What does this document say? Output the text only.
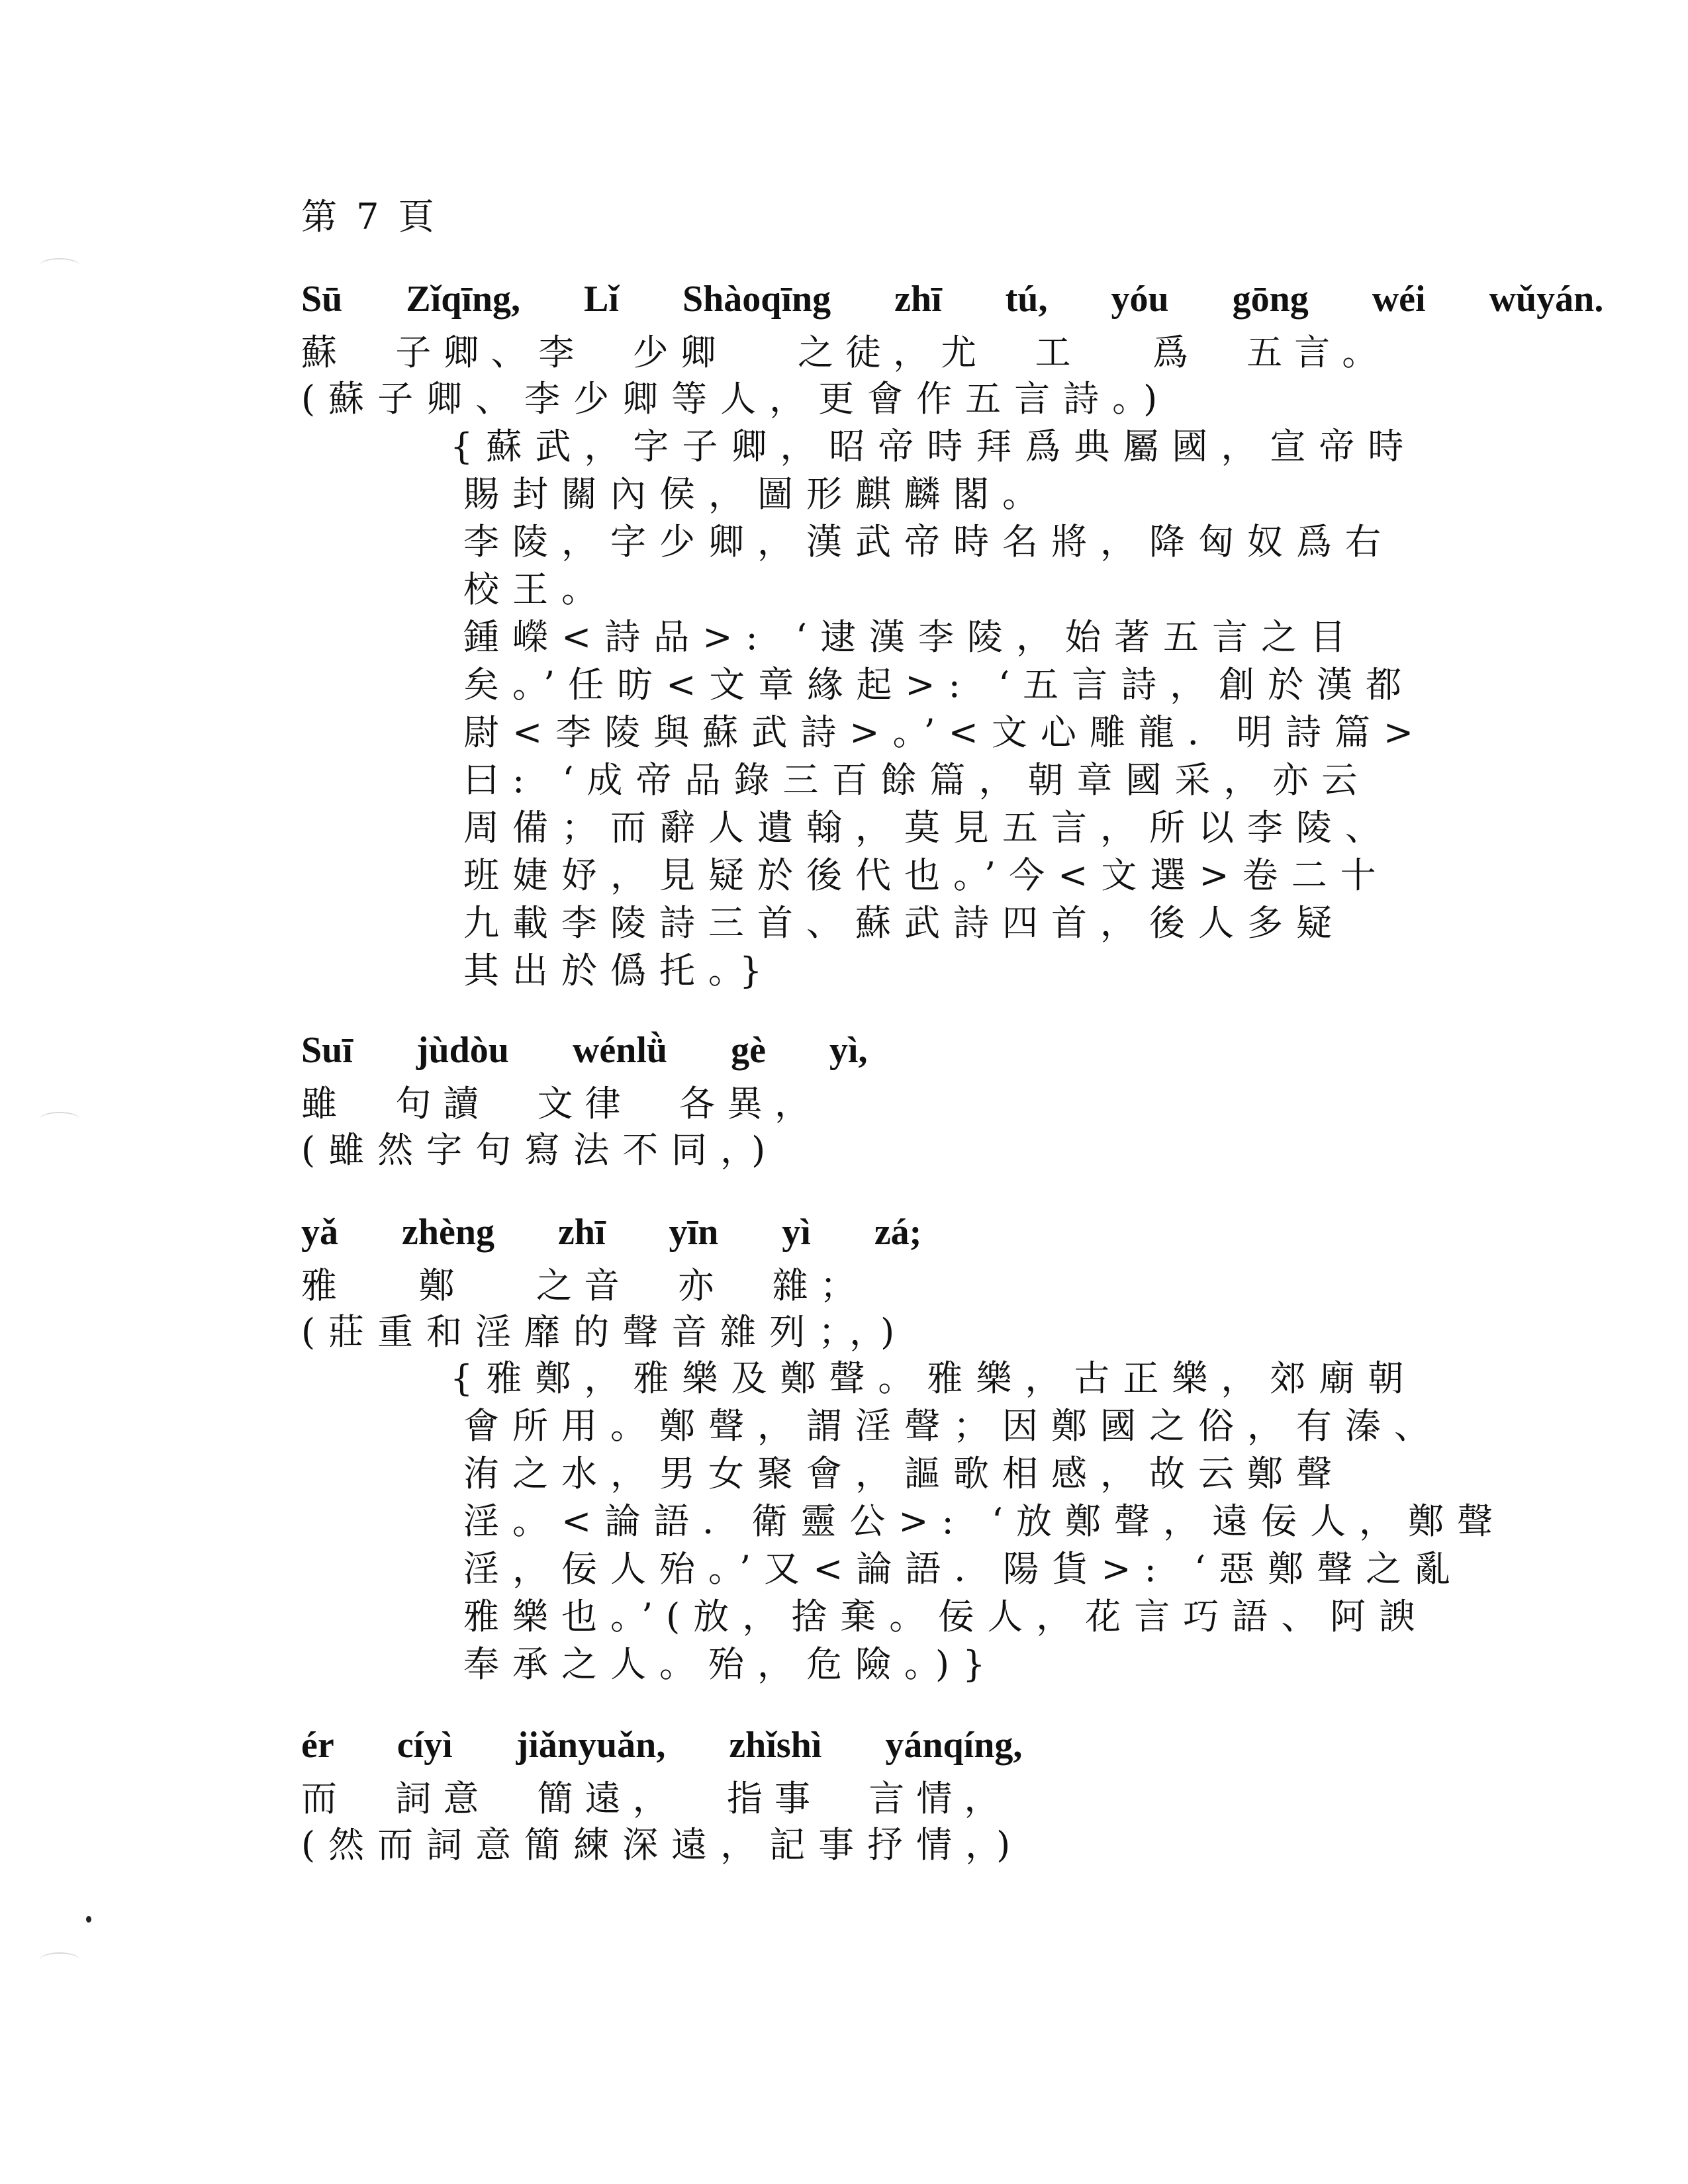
第 7 頁

Sū  Zǐqīng,  Lǐ  Shàoqīng  zhī  tú,  yóu  gōng  wéi  wǔyán.

蘇  子卿、李  少卿   之徒，尤  工   爲  五言。

(蘇子卿、李少卿等人，更會作五言詩。)

{蘇武，字子卿，昭帝時拜爲典屬國，宣帝時

賜封關內侯，圖形麒麟閣。

李陵，字少卿，漢武帝時名將，降匈奴爲右

校王。

鍾嶸<詩品>: ‘逮漢李陵，始著五言之目

矣。’任昉<文章緣起>: ‘五言詩，創於漢都

尉<李陵與蘇武詩>。’<文心雕龍．明詩篇>

曰: ‘成帝品錄三百餘篇，朝章國采，亦云

周備；而辭人遺翰，莫見五言，所以李陵、

班婕妤，見疑於後代也。’今<文選>卷二十

九載李陵詩三首、蘇武詩四首，後人多疑

其出於僞托。}

Suī  jùdòu  wénlǜ  gè  yì,

雖  句讀  文律  各異，

(雖然字句寫法不同，)

yǎ  zhèng  zhī  yīn  yì  zá;

雅   鄭   之音  亦  雜；

(莊重和淫靡的聲音雜列；，)

{雅鄭，雅樂及鄭聲。雅樂，古正樂，郊廟朝

會所用。鄭聲，謂淫聲；因鄭國之俗，有溱、

洧之水，男女聚會，謳歌相感，故云鄭聲

淫。<論語．衛靈公>: ‘放鄭聲，遠佞人，鄭聲

淫，佞人殆。’又<論語．陽貨>: ‘惡鄭聲之亂

雅樂也。’(放，捨棄。佞人，花言巧語、阿諛

奉承之人。殆，危險。)}

ér  cíyì  jiǎnyuǎn,  zhǐshì  yánqíng,

而  詞意  簡遠，  指事  言情，

(然而詞意簡練深遠，記事抒情，)
